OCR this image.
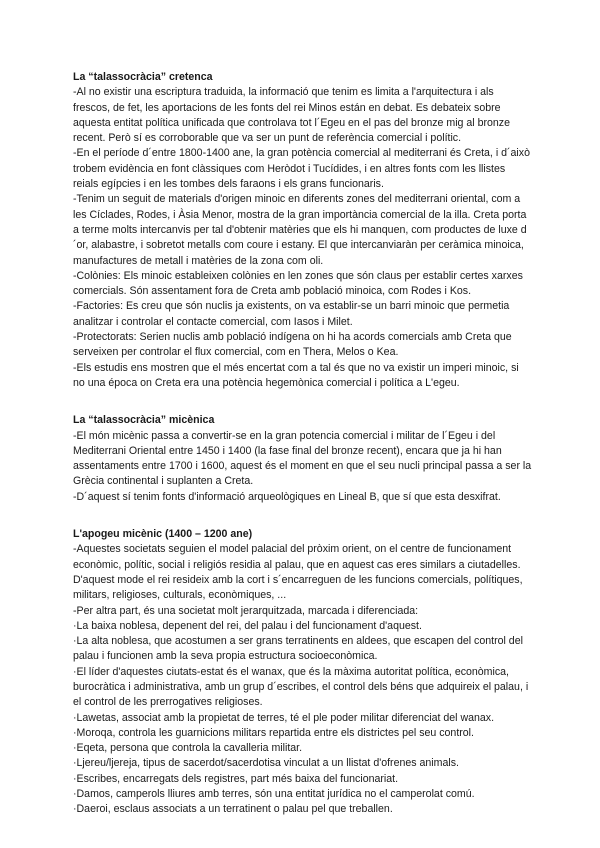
La “talassocràcia” cretenca

-Al no existir una escriptura traduida, la informació que tenim es limita a l'arquitectura i als frescos, de fet, les aportacions de les fonts del rei Minos están en debat. Es debateix sobre aquesta entitat política unificada que controlava tot l´Egeu en el pas del bronze mig al bronze recent. Però sí es corroborable que va ser un punt de referència comercial i polític.

-En el període d´entre 1800-1400 ane, la gran potència comercial al mediterrani és Creta, i d´això trobem evidència en font clàssiques com Heròdot i Tucídides, i en altres fonts com les llistes reials egípcies i en les tombes dels faraons i els grans funcionaris.

-Tenim un seguit de materials d'origen minoic en diferents zones del mediterrani oriental, com a les Cíclades, Rodes, i Àsia Menor, mostra de la gran importància comercial de la illa. Creta porta a terme molts intercanvis per tal d'obtenir matèries que els hi manquen, com productes de luxe d´or, alabastre, i sobretot metalls com coure i estany. El que intercanviaràn per ceràmica minoica, manufactures de metall i matèries de la zona com oli.

-Colònies: Els minoic estableixen colònies en len zones que són claus per establir certes xarxes comercials. Són assentament fora de Creta amb població minoica, com Rodes i Kos.

-Factories: Es creu que són nuclis ja existents, on va establir-se un barri minoic que permetia analitzar i controlar el contacte comercial, com Iasos i Milet.

-Protectorats: Serien nuclis amb població indígena on hi ha acords comercials amb Creta que serveixen per controlar el flux comercial, com en Thera, Melos o Kea.

-Els estudis ens mostren que el més encertat com a tal és que no va existir un imperi minoic, si no una época on Creta era una potència hegemònica comercial i política a L'egeu.

La “talassocràcia” micènica

-El món micènic passa a convertir-se en la gran potencia comercial i militar de l´Egeu i del Mediterrani Oriental entre 1450 i 1400 (la fase final del bronze recent), encara que ja hi han assentaments entre 1700 i 1600, aquest és el moment en que el seu nucli principal passa a ser la Grècia continental i suplanten a Creta.

-D´aquest sí tenim fonts d'informació arqueològiques en Lineal B, que sí que esta desxifrat.

L'apogeu micènic (1400 – 1200 ane)

-Aquestes societats seguien el model palacial del pròxim orient, on el centre de funcionament econòmic, polític, social i religiós residia al palau, que en aquest cas eres similars a ciutadelles. D'aquest mode el rei resideix amb la cort i s´encarreguen de les funcions comercials, polítiques, militars, religioses, culturals, econòmiques, ...

-Per altra part, és una societat molt jerarquitzada, marcada i diferenciada:

·La baixa noblesa, depenent del rei, del palau i del funcionament d'aquest.

·La alta noblesa, que acostumen a ser grans terratinents en aldees, que escapen del control del palau i funcionen amb la seva propia estructura socioeconòmica.

·El líder d'aquestes ciutats-estat és el wanax, que és la màxima autoritat política, econòmica, burocràtica i administrativa, amb un grup d´escribes, el control dels béns que adquireix el palau, i el control de les prerrogatives religioses.

·Lawetas, associat amb la propietat de terres, té el ple poder militar diferenciat del wanax.

·Moroqa, controla les guarnicions militars repartida entre els districtes pel seu control.

·Eqeta, persona que controla la cavalleria militar.

·Ljereu/ljereja, tipus de sacerdot/sacerdotisa vinculat a un llistat d'ofrenes animals.

·Escribes, encarregats dels registres, part més baixa del funcionariat.

·Damos, camperols lliures amb terres, són una entitat jurídica no el camperolat comú.

·Daeroi, esclaus associats a un terratinent o palau pel que treballen.
